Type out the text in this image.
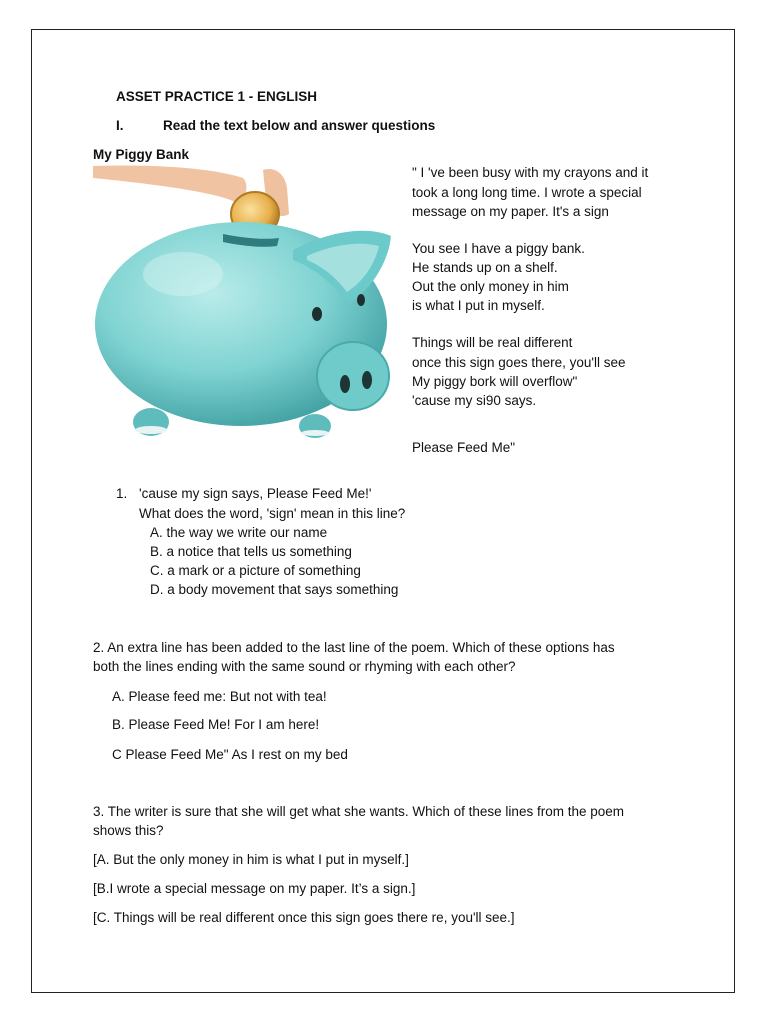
ASSET PRACTICE 1 - ENGLISH
I.	Read the text below and answer questions
My Piggy Bank
" I 've been busy with my crayons and it
took a long long time. I wrote a special
message on my paper. It's a sign
You see I have a piggy bank.
He stands up on a shelf.
Out the only money in him
is what I put in myself.
Things will be real different
once this sign goes there, you'll see
My piggy bork will overflow"
'cause my si90 says.
Please Feed Me"
1. 'cause my sign says, Please Feed Me!'
What does the word, 'sign' mean in this line?
A. the way we write our name
B. a notice that tells us something
C. a mark or a picture of something
D. a body movement that says something
2. An extra line has been added to the last line of the poem. Which of these options has
both the lines ending with the same sound or rhyming with each other?
A. Please feed me: But not with tea!
B. Please Feed Me! For I am here!
C Please Feed Me" As I rest on my bed
3. The writer is sure that she will get what she wants. Which of these lines from the poem
shows this?
[A. But the only money in him is what I put in myself.]
[B.I wrote a special message on my paper. It’s a sign.]
[C. Things will be real different once this sign goes there re, you'll see.]
